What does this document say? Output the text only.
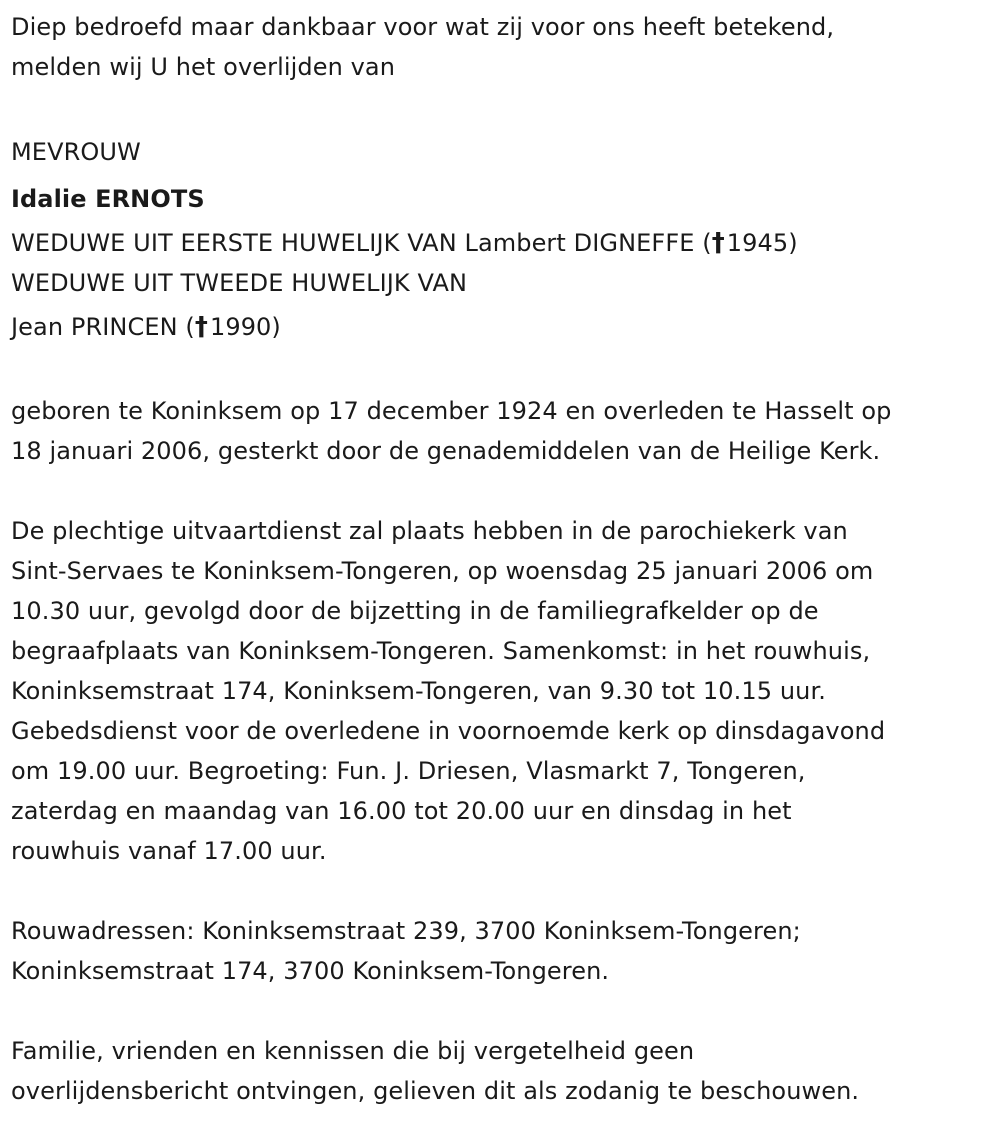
Diep bedroefd maar dankbaar voor wat zij voor ons heeft betekend,
melden wij U het overlijden van
MEVROUW
Idalie ERNOTS
WEDUWE UIT EERSTE HUWELIJK VAN Lambert DIGNEFFE (†1945)
WEDUWE UIT TWEEDE HUWELIJK VAN
Jean PRINCEN (†1990)
geboren te Koninksem op 17 december 1924 en overleden te Hasselt op
18 januari 2006, gesterkt door de genademiddelen van de Heilige Kerk.
De plechtige uitvaartdienst zal plaats hebben in de parochiekerk van
Sint-Servaes te Koninksem-Tongeren, op woensdag 25 januari 2006 om
10.30 uur, gevolgd door de bijzetting in de familiegrafkelder op de
begraafplaats van Koninksem-Tongeren. Samenkomst: in het rouwhuis,
Koninksemstraat 174, Koninksem-Tongeren, van 9.30 tot 10.15 uur.
Gebedsdienst voor de overledene in voornoemde kerk op dinsdagavond
om 19.00 uur. Begroeting: Fun. J. Driesen, Vlasmarkt 7, Tongeren,
zaterdag en maandag van 16.00 tot 20.00 uur en dinsdag in het
rouwhuis vanaf 17.00 uur.
Rouwadressen: Koninksemstraat 239, 3700 Koninksem-Tongeren;
Koninksemstraat 174, 3700 Koninksem-Tongeren.
Familie, vrienden en kennissen die bij vergetelheid geen
overlijdensbericht ontvingen, gelieven dit als zodanig te beschouwen.
